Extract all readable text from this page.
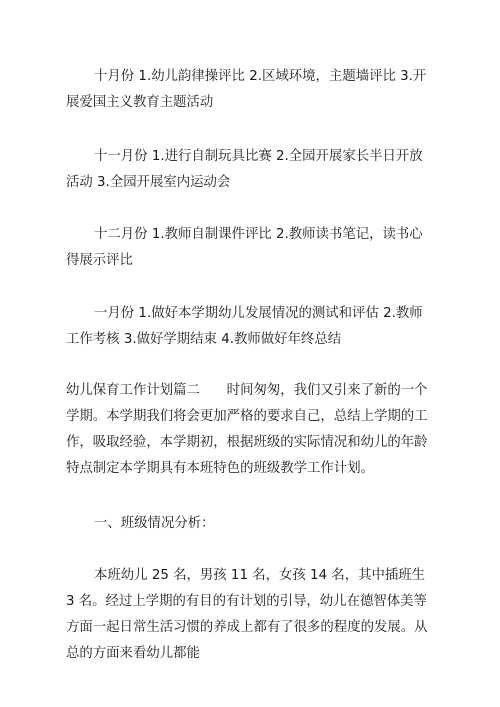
十月份 1.幼儿韵律操评比 2.区域环境，主题墙评比 3.开展爱国主义教育主题活动

十一月份 1.进行自制玩具比赛 2.全园开展家长半日开放活动 3.全园开展室内运动会

十二月份 1.教师自制课件评比 2.教师读书笔记，读书心得展示评比

一月份 1.做好本学期幼儿发展情况的测试和评估 2.教师工作考核 3.做好学期结束 4.教师做好年终总结

幼儿保育工作计划篇二　　时间匆匆，我们又引来了新的一个学期。本学期我们将会更加严格的要求自己，总结上学期的工作，吸取经验，本学期初，根据班级的实际情况和幼儿的年龄特点制定本学期具有本班特色的班级教学工作计划。

一、班级情况分析：

本班幼儿 25 名，男孩 11 名，女孩 14 名，其中插班生 3 名。经过上学期的有目的有计划的引导，幼儿在德智体美等方面一起日常生活习惯的养成上都有了很多的程度的发展。从总的方面来看幼儿都能
